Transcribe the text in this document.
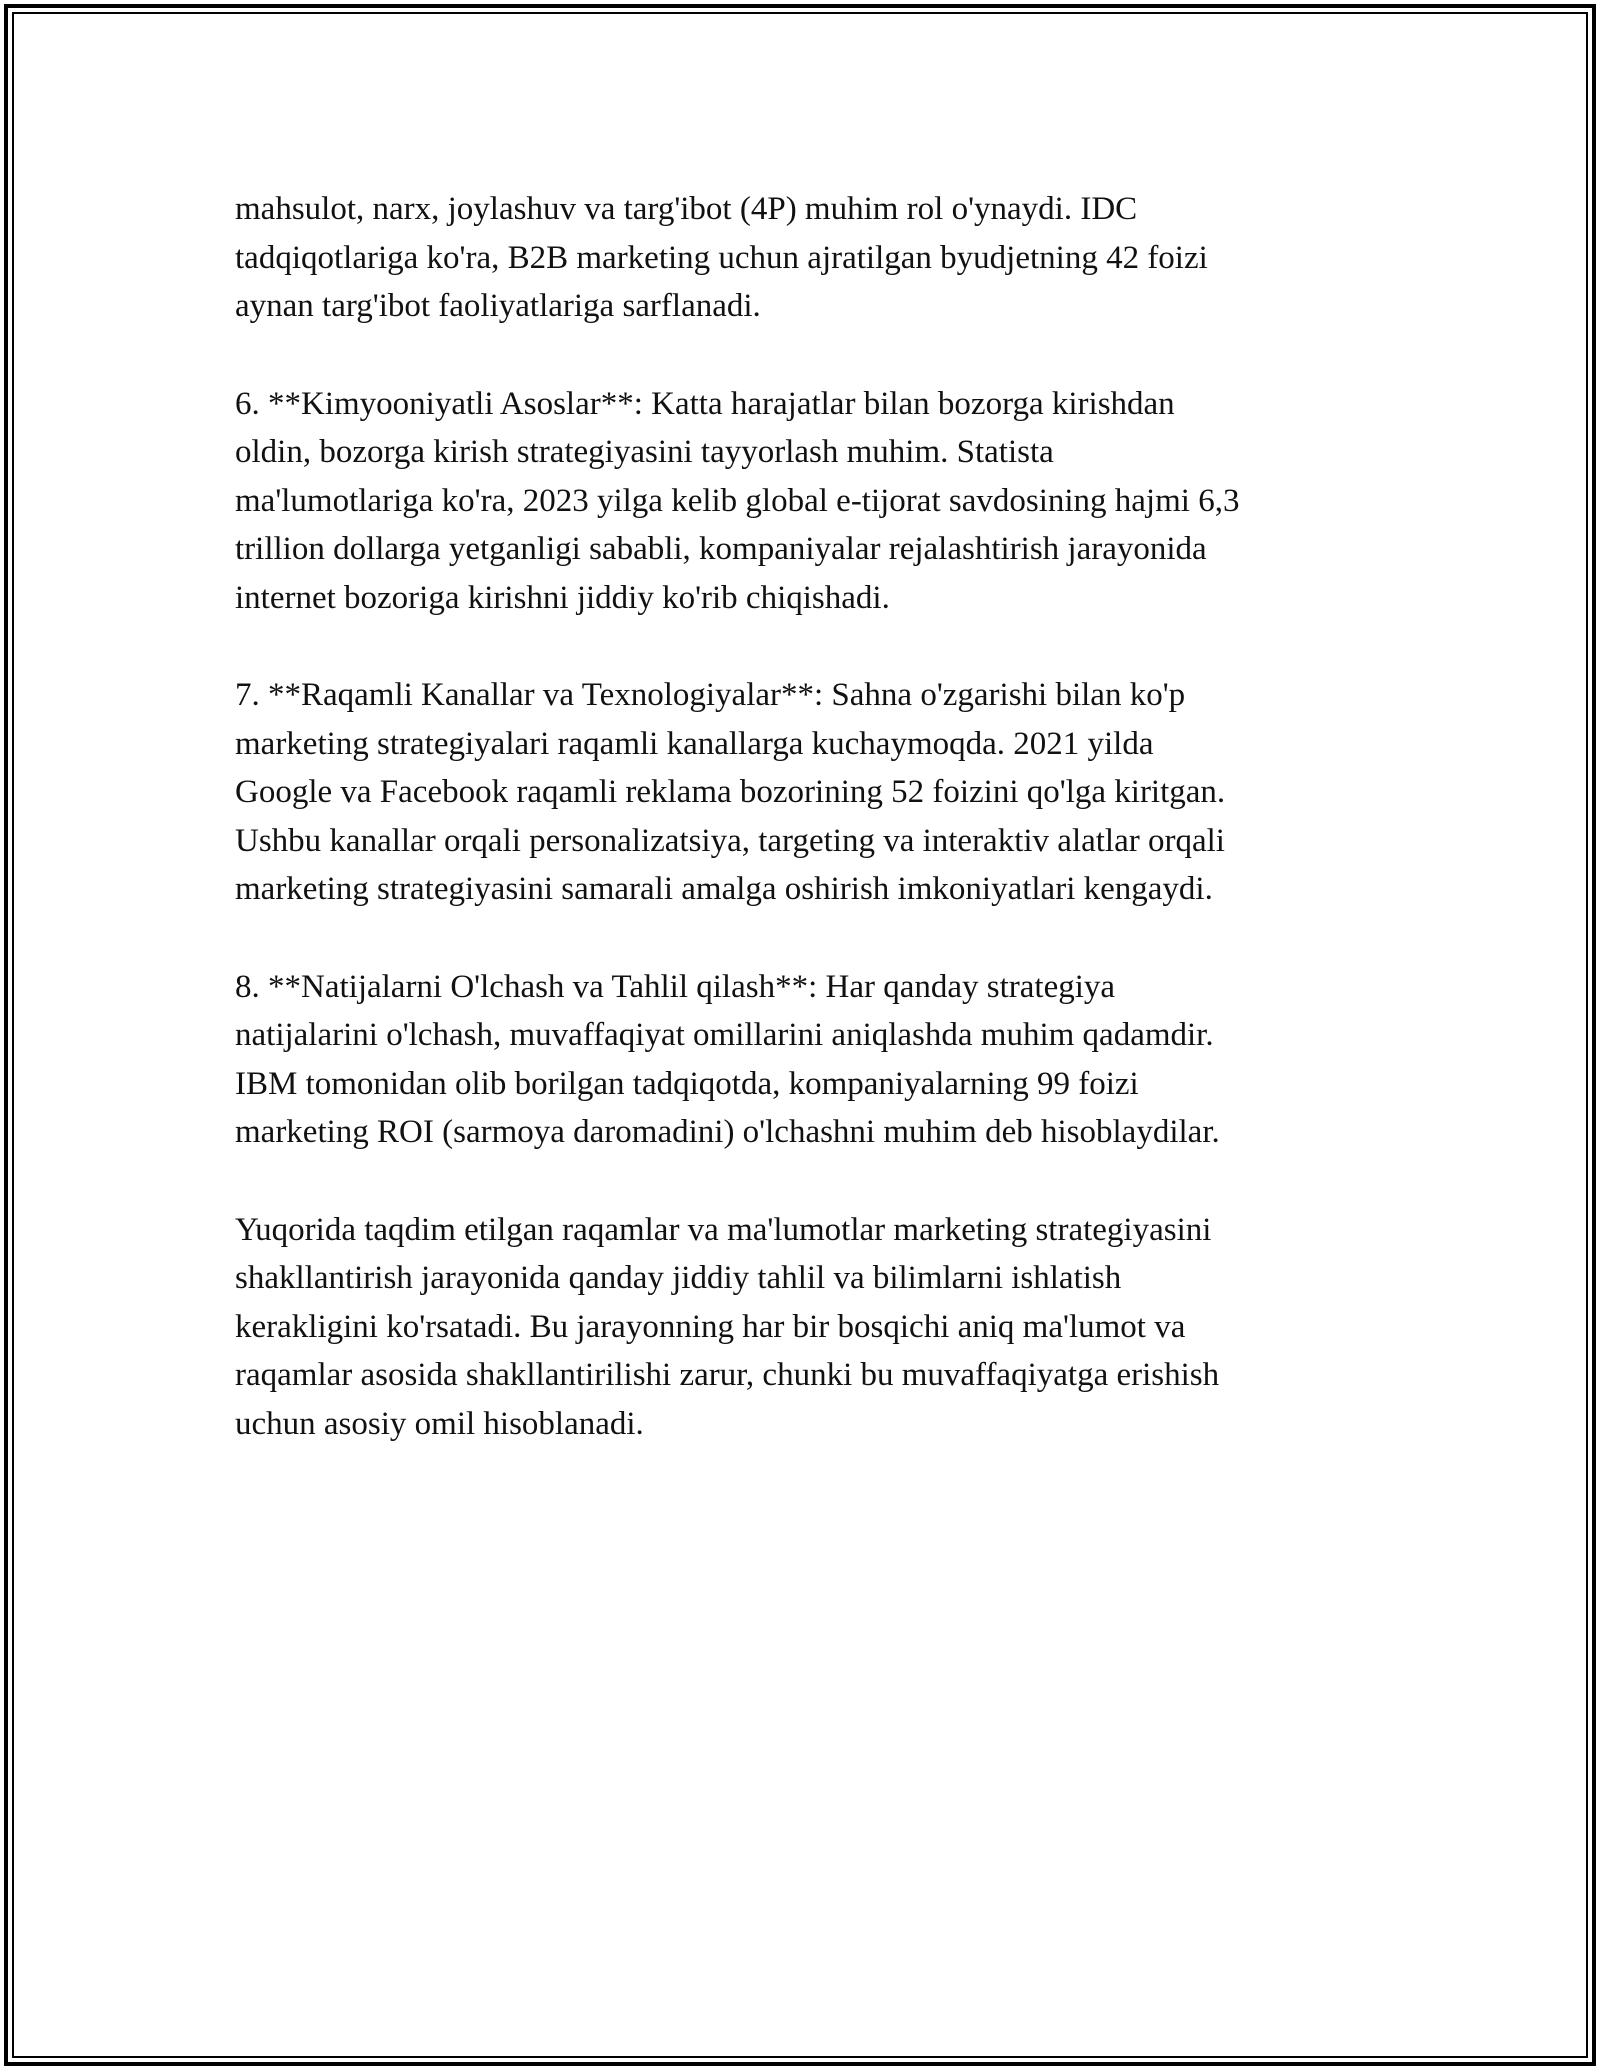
mahsulot, narx, joylashuv va targ'ibot (4P) muhim rol o'ynaydi. IDC
tadqiqotlariga ko'ra, B2B marketing uchun ajratilgan byudjetning 42 foizi
aynan targ'ibot faoliyatlariga sarflanadi.

6. **Kimyooniyatli Asoslar**: Katta harajatlar bilan bozorga kirishdan
oldin, bozorga kirish strategiyasini tayyorlash muhim. Statista
ma'lumotlariga ko'ra, 2023 yilga kelib global e-tijorat savdosining hajmi 6,3
trillion dollarga yetganligi sababli, kompaniyalar rejalashtirish jarayonida
internet bozoriga kirishni jiddiy ko'rib chiqishadi.

7. **Raqamli Kanallar va Texnologiyalar**: Sahna o'zgarishi bilan ko'p
marketing strategiyalari raqamli kanallarga kuchaymoqda. 2021 yilda
Google va Facebook raqamli reklama bozorining 52 foizini qo'lga kiritgan.
Ushbu kanallar orqali personalizatsiya, targeting va interaktiv alatlar orqali
marketing strategiyasini samarali amalga oshirish imkoniyatlari kengaydi.

8. **Natijalarni O'lchash va Tahlil qilash**: Har qanday strategiya
natijalarini o'lchash, muvaffaqiyat omillarini aniqlashda muhim qadamdir.
IBM tomonidan olib borilgan tadqiqotda, kompaniyalarning 99 foizi
marketing ROI (sarmoya daromadini) o'lchashni muhim deb hisoblaydilar.

Yuqorida taqdim etilgan raqamlar va ma'lumotlar marketing strategiyasini
shakllantirish jarayonida qanday jiddiy tahlil va bilimlarni ishlatish
kerakligini ko'rsatadi. Bu jarayonning har bir bosqichi aniq ma'lumot va
raqamlar asosida shakllantirilishi zarur, chunki bu muvaffaqiyatga erishish
uchun asosiy omil hisoblanadi.
